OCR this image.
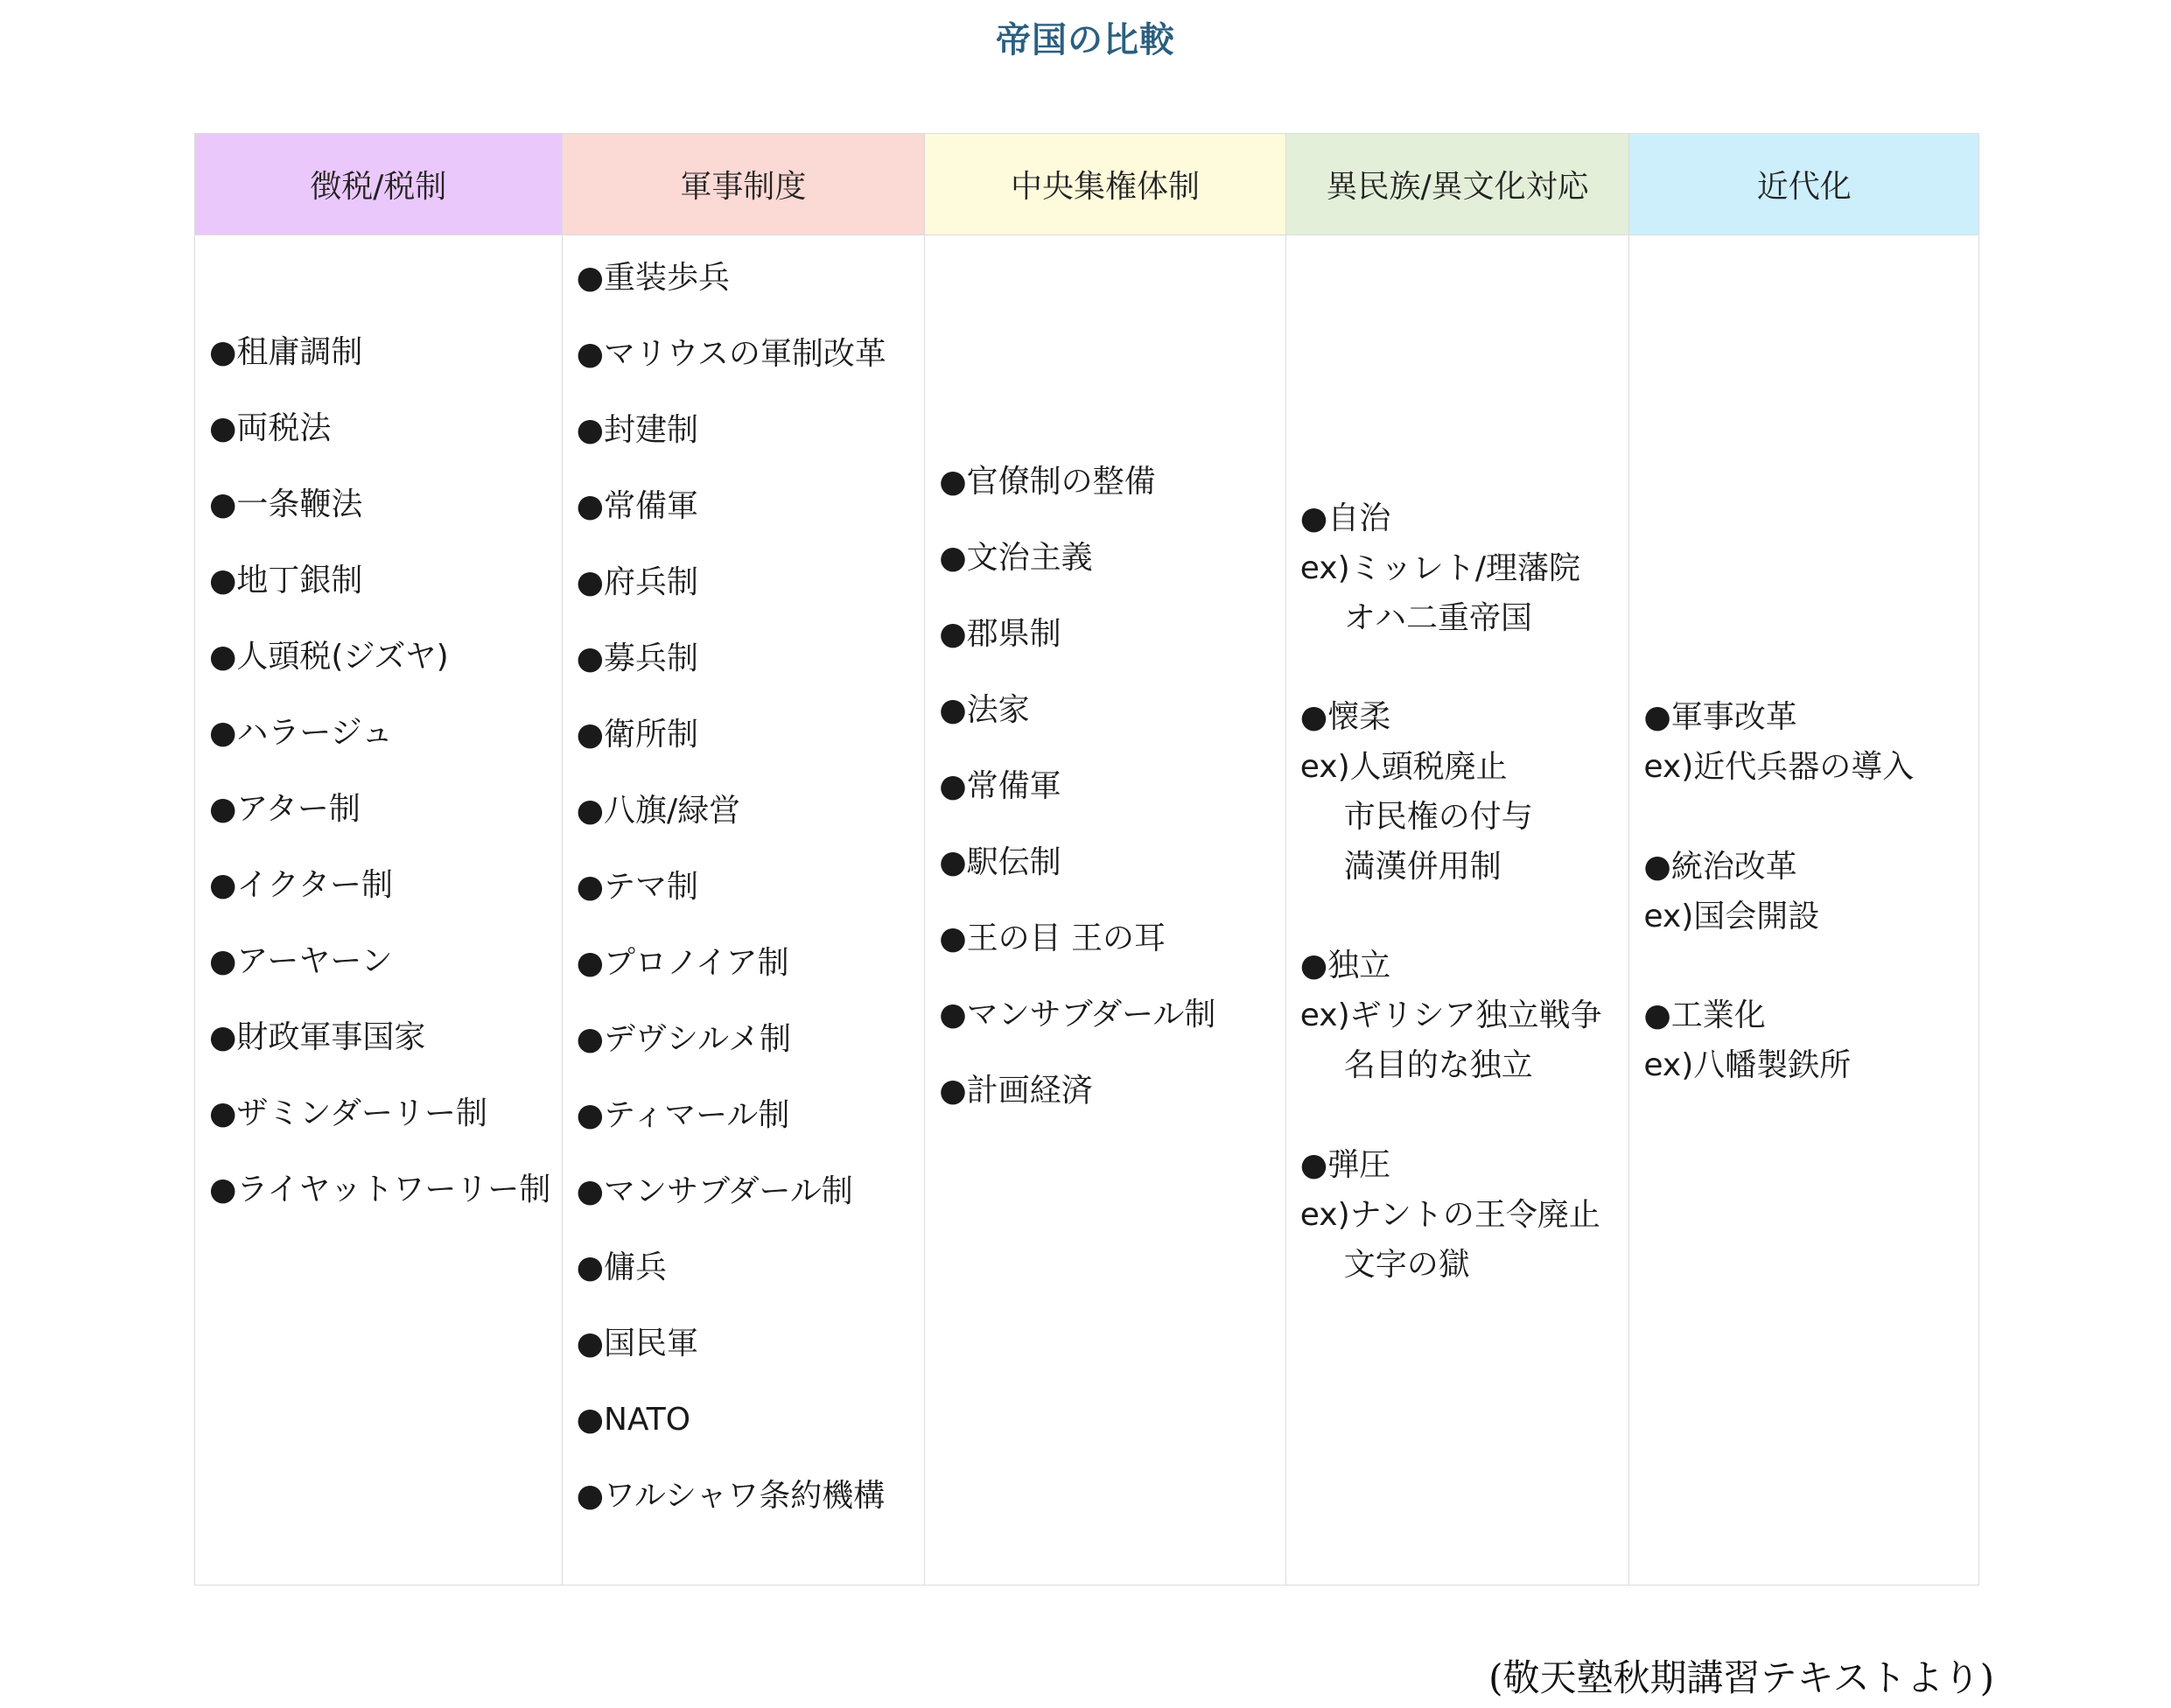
帝国の比較
徴税/税制
●租庸調制
●両税法
●一条鞭法
●地丁銀制
●人頭税(ジズヤ)
●ハラージュ
●アター制
●イクター制
●アーヤーン
●財政軍事国家
●ザミンダーリー制
●ライヤットワーリー制
軍事制度
●重装歩兵
●マリウスの軍制改革
●封建制
●常備軍
●府兵制
●募兵制
●衛所制
●八旗/緑営
●テマ制
●プロノイア制
●デヴシルメ制
●ティマール制
●マンサブダール制
●傭兵
●国民軍
●NATO
●ワルシャワ条約機構
中央集権体制
●官僚制の整備
●文治主義
●郡県制
●法家
●常備軍
●駅伝制
●王の目 王の耳
●マンサブダール制
●計画経済
異民族/異文化対応
●自治
ex)ミッレト/理藩院
オハ二重帝国
●懐柔
ex)人頭税廃止
市民権の付与
満漢併用制
●独立
ex)ギリシア独立戦争
名目的な独立
●弾圧
ex)ナントの王令廃止
文字の獄
近代化
●軍事改革
ex)近代兵器の導入
●統治改革
ex)国会開設
●工業化
ex)八幡製鉄所
(敬天塾秋期講習テキストより)
